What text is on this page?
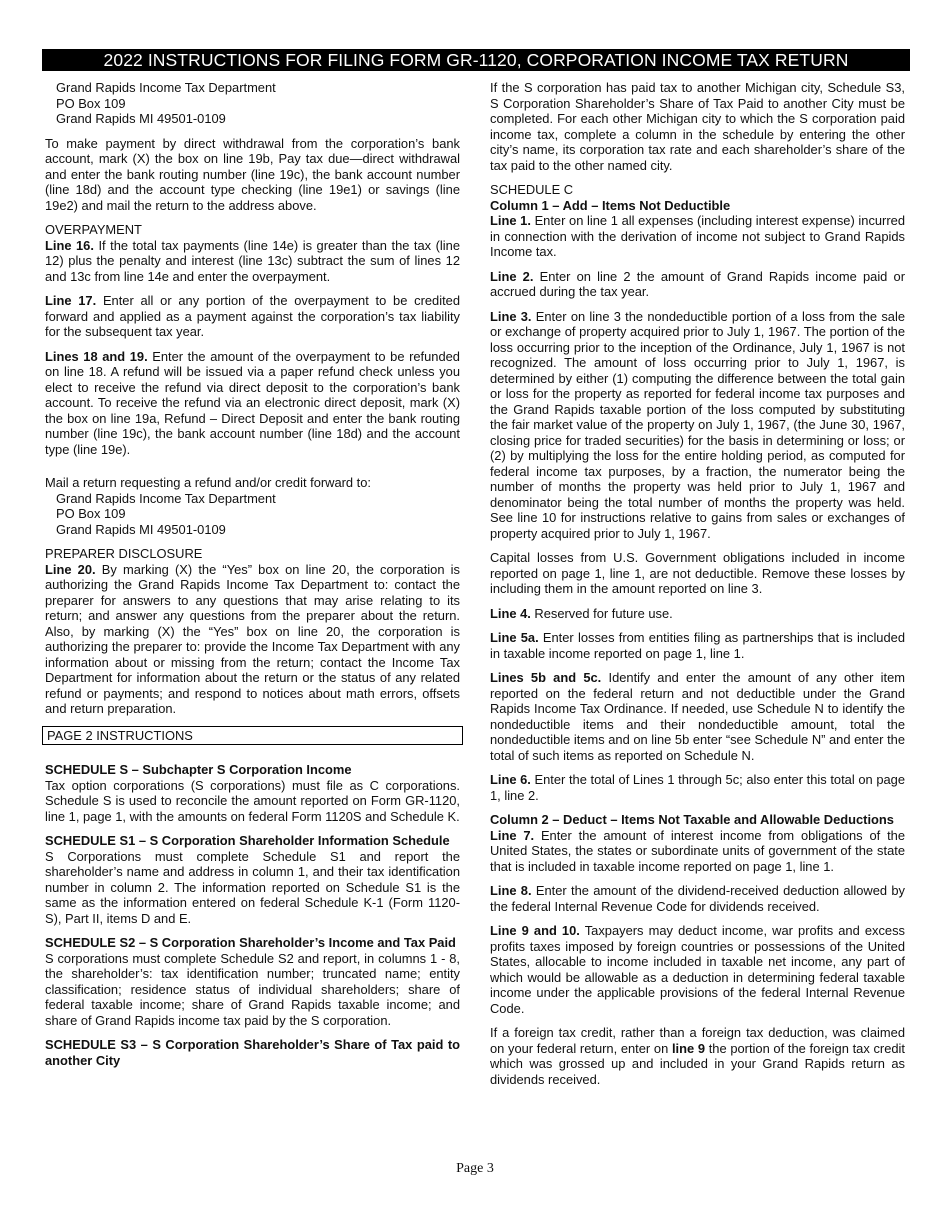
2022 INSTRUCTIONS FOR FILING FORM GR-1120, CORPORATION INCOME TAX RETURN
Grand Rapids Income Tax Department
PO Box 109
Grand Rapids MI 49501-0109

To make payment by direct withdrawal from the corporation’s bank account, mark (X) the box on line 19b, Pay tax due—direct withdrawal and enter the bank routing number (line 19c), the bank account number (line 18d) and the account type checking (line 19e1) or savings (line 19e2) and mail the return to the address above.

OVERPAYMENT

Line 16. If the total tax payments (line 14e) is greater than the tax (line 12) plus the penalty and interest (line 13c) subtract the sum of lines 12 and 13c from line 14e and enter the overpayment.

Line 17. Enter all or any portion of the overpayment to be credited forward and applied as a payment against the corporation’s tax liability for the subsequent tax year.

Lines 18 and 19. Enter the amount of the overpayment to be refunded on line 18. A refund will be issued via a paper refund check unless you elect to receive the refund via direct deposit to the corporation’s bank account. To receive the refund via an electronic direct deposit, mark (X) the box on line 19a, Refund – Direct Deposit and enter the bank routing number (line 19c), the bank account number (line 18d) and the account type (line 19e).

Mail a return requesting a refund and/or credit forward to:
Grand Rapids Income Tax Department
PO Box 109
Grand Rapids MI 49501-0109
PREPARER DISCLOSURE

Line 20. By marking (X) the “Yes” box on line 20, the corporation is authorizing the Grand Rapids Income Tax Department to: contact the preparer for answers to any questions that may arise relating to its return; and answer any questions from the preparer about the return. Also, by marking (X) the “Yes” box on line 20, the corporation is authorizing the preparer to: provide the Income Tax Department with any information about or missing from the return; contact the Income Tax Department for information about the return or the status of any related refund or payments; and respond to notices about math errors, offsets and return preparation.

PAGE 2 INSTRUCTIONS
SCHEDULE S – Subchapter S Corporation Income

Tax option corporations (S corporations) must file as C corporations. Schedule S is used to reconcile the amount reported on Form GR-1120, line 1, page 1, with the amounts on federal Form 1120S and Schedule K.

SCHEDULE S1 – S Corporation Shareholder Information Schedule

S Corporations must complete Schedule S1 and report the shareholder’s name and address in column 1, and their tax identification number in column 2. The information reported on Schedule S1 is the same as the information entered on federal Schedule K-1 (Form 1120-S), Part II, items D and E.

SCHEDULE S2 – S Corporation Shareholder’s Income and Tax Paid

S corporations must complete Schedule S2 and report, in columns 1 - 8, the shareholder’s: tax identification number; truncated name; entity classification; residence status of individual shareholders; share of federal taxable income; share of Grand Rapids taxable income; and share of Grand Rapids income tax paid by the S corporation.

SCHEDULE S3 – S Corporation Shareholder’s Share of Tax paid to another City

If the S corporation has paid tax to another Michigan city, Schedule S3, S Corporation Shareholder’s Share of Tax Paid to another City must be completed. For each other Michigan city to which the S corporation paid income tax, complete a column in the schedule by entering the other city’s name, its corporation tax rate and each shareholder’s share of the tax paid to the other named city.

SCHEDULE C
Column 1 – Add – Items Not Deductible

Line 1. Enter on line 1 all expenses (including interest expense) incurred in connection with the derivation of income not subject to Grand Rapids Income tax.

Line 2. Enter on line 2 the amount of Grand Rapids income paid or accrued during the tax year.

Line 3. Enter on line 3 the nondeductible portion of a loss from the sale or exchange of property acquired prior to July 1, 1967. The portion of the loss occurring prior to the inception of the Ordinance, July 1, 1967 is not recognized. The amount of loss occurring prior to July 1, 1967, is determined by either (1) computing the difference between the total gain or loss for the property as reported for federal income tax purposes and the Grand Rapids taxable portion of the loss computed by substituting the fair market value of the property on July 1, 1967, (the June 30, 1967, closing price for traded securities) for the basis in determining or loss; or (2) by multiplying the loss for the entire holding period, as computed for federal income tax purposes, by a fraction, the numerator being the number of months the property was held prior to July 1, 1967 and denominator being the total number of months the property was held. See line 10 for instructions relative to gains from sales or exchanges of property acquired prior to July 1, 1967.

Capital losses from U.S. Government obligations included in income reported on page 1, line 1, are not deductible. Remove these losses by including them in the amount reported on line 3.

Line 4. Reserved for future use.

Line 5a. Enter losses from entities filing as partnerships that is included in taxable income reported on page 1, line 1.

Lines 5b and 5c. Identify and enter the amount of any other item reported on the federal return and not deductible under the Grand Rapids Income Tax Ordinance. If needed, use Schedule N to identify the nondeductible items and their nondeductible amount, total the nondeductible items and on line 5b enter “see Schedule N” and enter the total of such items as reported on Schedule N.

Line 6. Enter the total of Lines 1 through 5c; also enter this total on page 1, line 2.

Column 2 – Deduct – Items Not Taxable and Allowable Deductions

Line 7. Enter the amount of interest income from obligations of the United States, the states or subordinate units of government of the state that is included in taxable income reported on page 1, line 1.

Line 8. Enter the amount of the dividend-received deduction allowed by the federal Internal Revenue Code for dividends received.

Line 9 and 10. Taxpayers may deduct income, war profits and excess profits taxes imposed by foreign countries or possessions of the United States, allocable to income included in taxable net income, any part of which would be allowable as a deduction in determining federal taxable income under the applicable provisions of the federal Internal Revenue Code.

If a foreign tax credit, rather than a foreign tax deduction, was claimed on your federal return, enter on line 9 the portion of the foreign tax credit which was grossed up and included in your Grand Rapids return as dividends received.

Page 3
